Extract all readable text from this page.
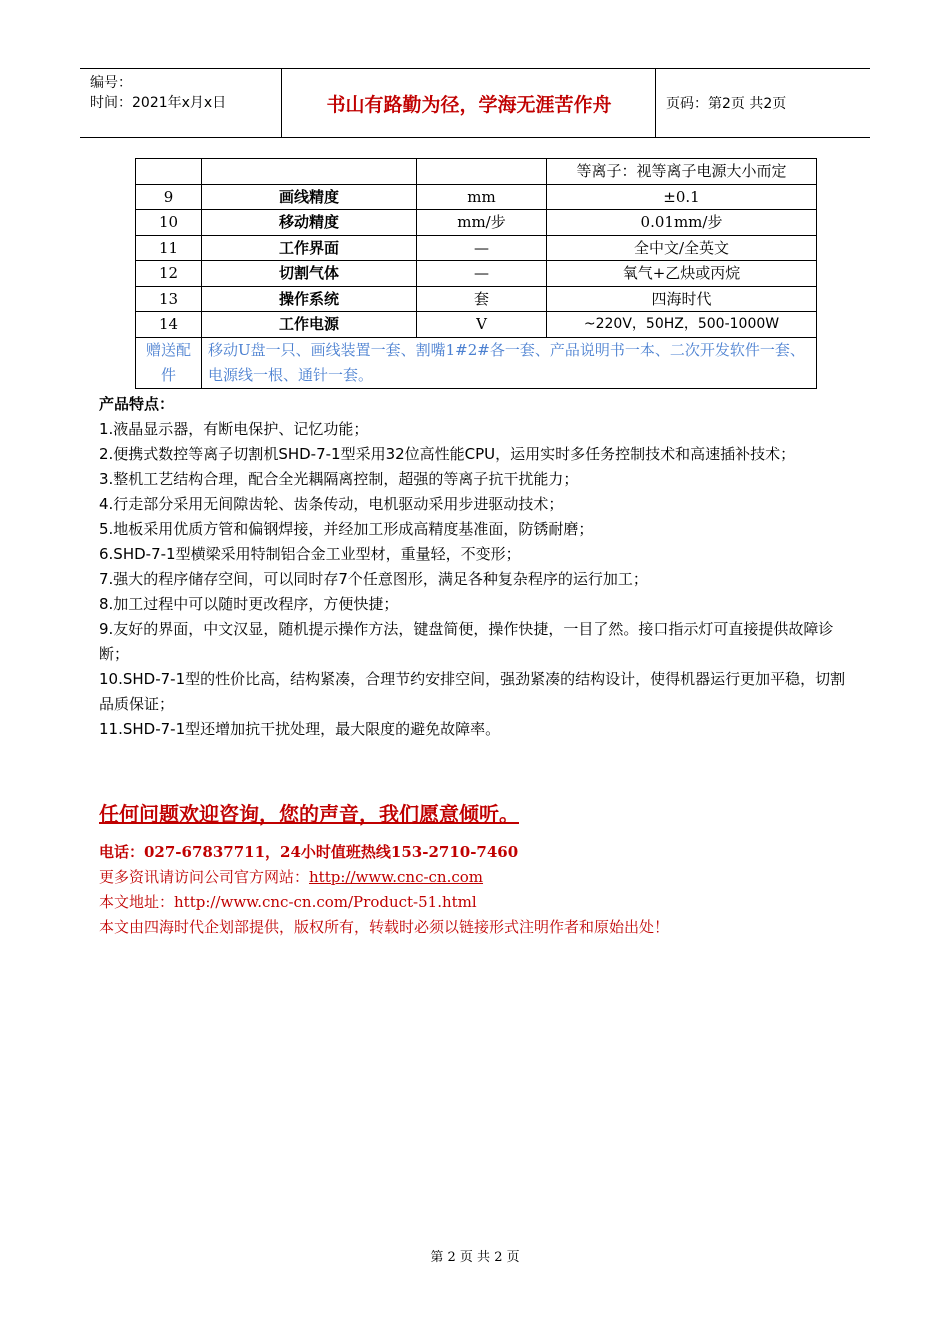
编号：
时间：2021年x月x日	书山有路勤为径，学海无涯苦作舟	页码：第2页 共2页
			等离子：视等离子电源大小而定
9	画线精度	mm	±0.1
10	移动精度	mm/步	0.01mm/步
11	工作界面	—	全中文/全英文
12	切割气体	—	氧气+乙炔或丙烷
13	操作系统	套	四海时代
14	工作电源	V	~220V，50HZ，500-1000W
赠送配件	移动U盘一只、画线装置一套、割嘴1#2#各一套、产品说明书一本、二次开发软件一套、电源线一根、通针一套。		
产品特点：

1.液晶显示器，有断电保护、记忆功能；

2.便携式数控等离子切割机SHD-7-1型采用32位高性能CPU，运用实时多任务控制技术和高速插补技术；

3.整机工艺结构合理，配合全光耦隔离控制，超强的等离子抗干扰能力；

4.行走部分采用无间隙齿轮、齿条传动，电机驱动采用步进驱动技术；

5.地板采用优质方管和偏钢焊接，并经加工形成高精度基准面，防锈耐磨；

6.SHD-7-1型横梁采用特制铝合金工业型材，重量轻，不变形；

7.强大的程序储存空间，可以同时存7个任意图形，满足各种复杂程序的运行加工；

8.加工过程中可以随时更改程序，方便快捷；

9.友好的界面，中文汉显，随机提示操作方法，键盘简便，操作快捷，一目了然。接口指示灯可直接提供故障诊断；

10.SHD-7-1型的性价比高，结构紧凑，合理节约安排空间，强劲紧凑的结构设计，使得机器运行更加平稳，切割品质保证；

11.SHD-7-1型还增加抗干扰处理，最大限度的避免故障率。

任何问题欢迎咨询，您的声音，我们愿意倾听。
电话：027-67837711，24小时值班热线153-2710-7460
更多资讯请访问公司官方网站：http://www.cnc-cn.com
本文地址：http://www.cnc-cn.com/Product-51.html
本文由四海时代企划部提供，版权所有，转载时必须以链接形式注明作者和原始出处！
第 2 页 共 2 页
